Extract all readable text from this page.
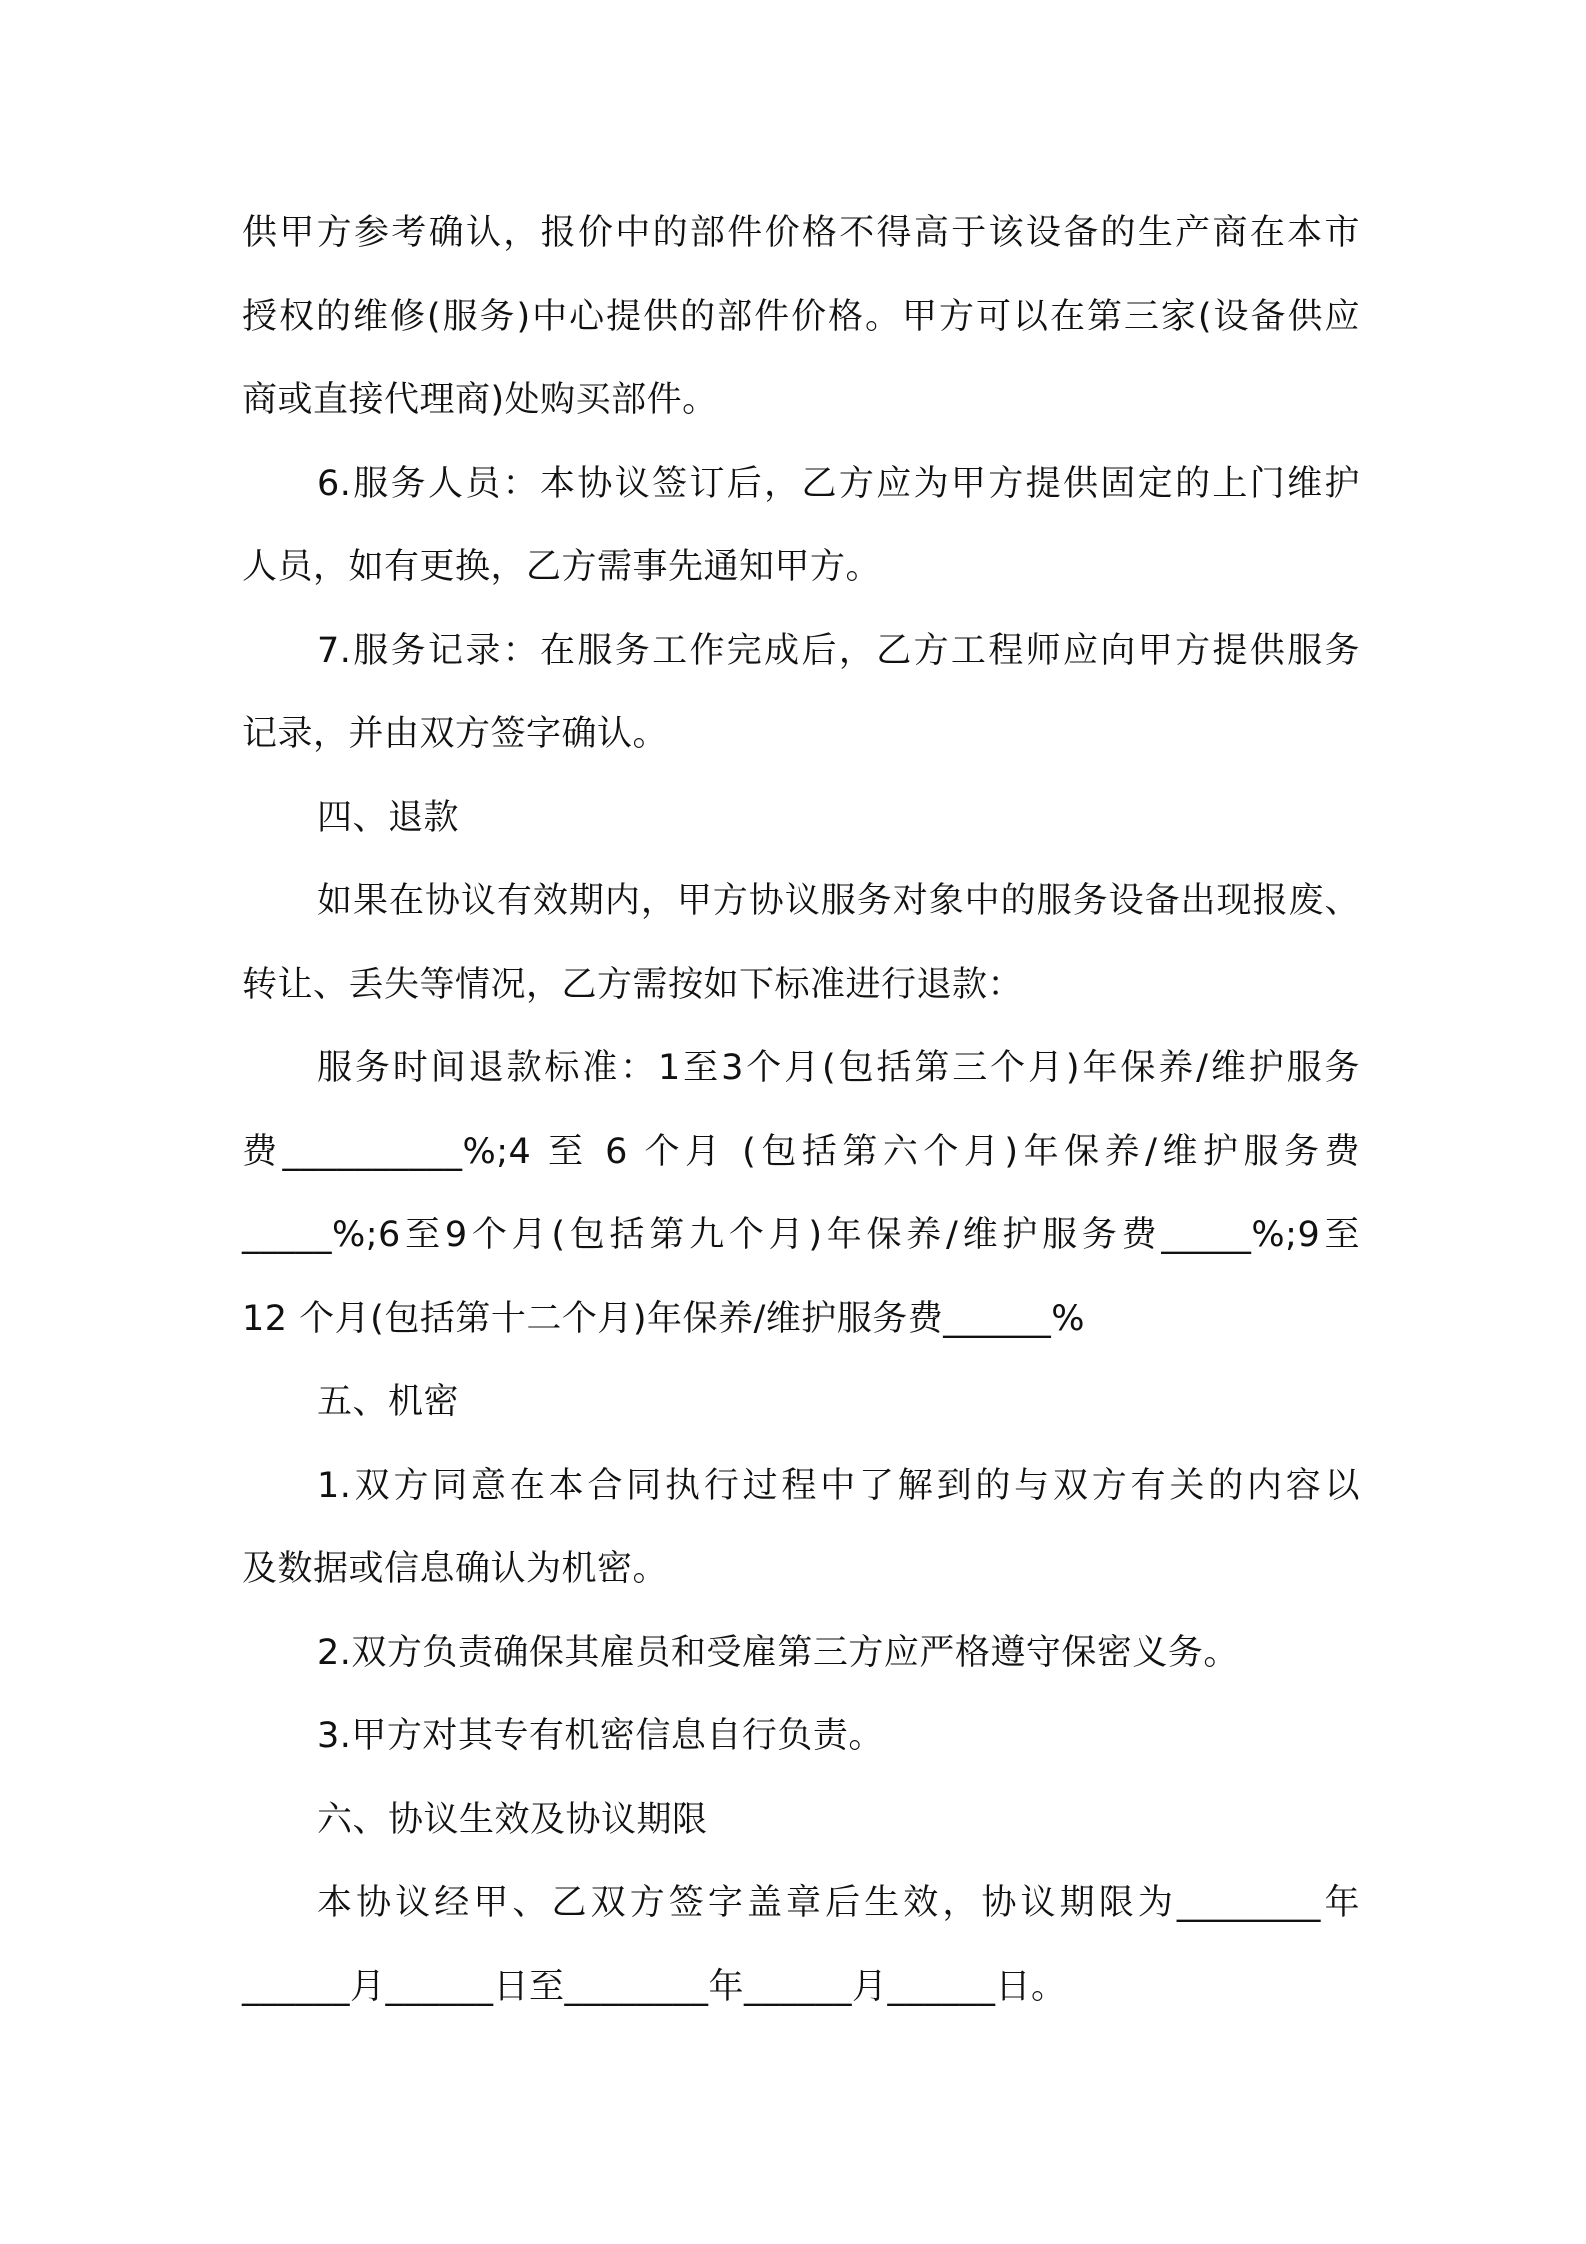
供甲方参考确认，报价中的部件价格不得高于该设备的生产商在本市
授权的维修(服务)中心提供的部件价格。甲方可以在第三家(设备供应
商或直接代理商)处购买部件。
6.服务人员：本协议签订后，乙方应为甲方提供固定的上门维护
人员，如有更换，乙方需事先通知甲方。
7.服务记录：在服务工作完成后，乙方工程师应向甲方提供服务
记录，并由双方签字确认。
四、退款
如果在协议有效期内，甲方协议服务对象中的服务设备出现报废、
转让、丢失等情况，乙方需按如下标准进行退款：
服务时间退款标准：1至3个月(包括第三个月)年保养/维护服务
费__________%;4 至 6 个月 (包括第六个月)年保养/维护服务费
_____%;6至9个月(包括第九个月)年保养/维护服务费_____%;9至
12 个月(包括第十二个月)年保养/维护服务费______%
五、机密
1.双方同意在本合同执行过程中了解到的与双方有关的内容以
及数据或信息确认为机密。
2.双方负责确保其雇员和受雇第三方应严格遵守保密义务。
3.甲方对其专有机密信息自行负责。
六、协议生效及协议期限
本协议经甲、乙双方签字盖章后生效，协议期限为________年
______月______日至________年______月______日。
